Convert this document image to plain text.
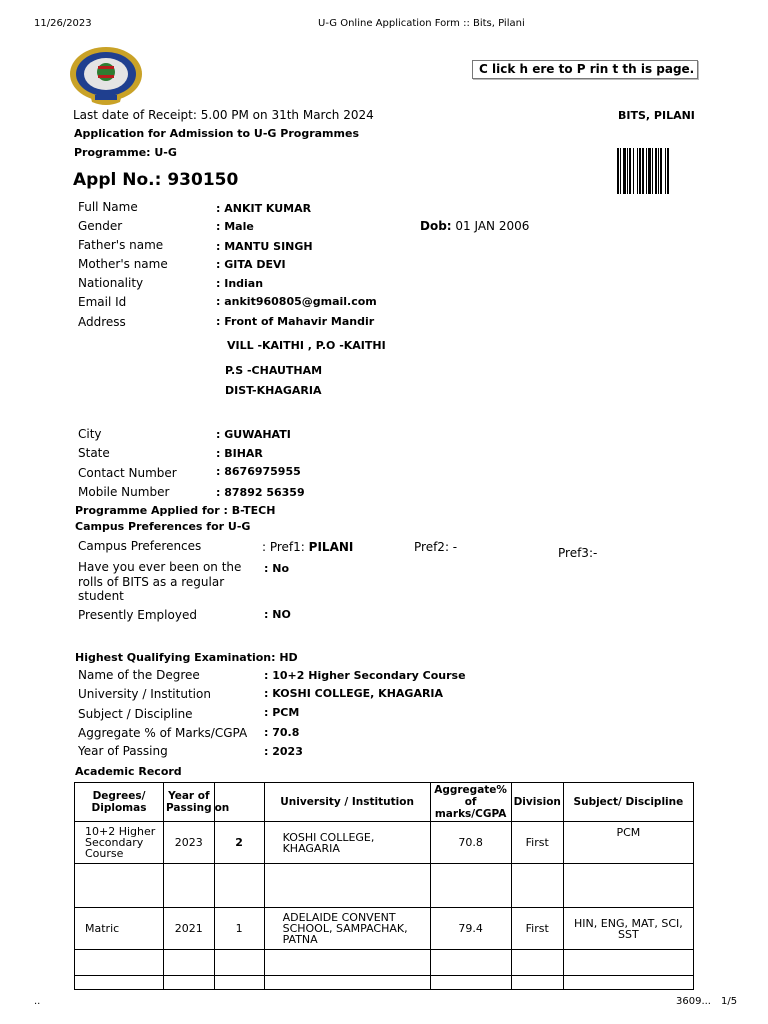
11/26/2023	U-G Online Application Form :: Bits, Pilani
C lick h ere to P rin t th is page.
Last date of Receipt: 5.00 PM on 31th March 2024	BITS, PILANI
Application for Admission to U-G Programmes
Programme: U-G
Appl No.: 930150
Full Name	: ANKIT KUMAR
Gender	: Male	Dob: 01 JAN 2006
Father's name	: MANTU SINGH
Mother's name	: GITA DEVI
Nationality	: Indian
Email Id	: ankit960805@gmail.com
Address	: Front of Mahavir Mandir
VILL -KAITHI , P.O -KAITHI
P.S -CHAUTHAM
DIST-KHAGARIA
City	: GUWAHATI
State	: BIHAR
Contact Number	: 8676975955
Mobile Number	: 87892 56359
Programme Applied for : B-TECH
Campus Preferences for U-G
Campus Preferences	: Pref1: PILANI	Pref2: -	Pref3:-
Have you ever been on the
rolls of BITS as a regular
student
: No
Presently Employed	: NO
Highest Qualifying Examination: HD
Name of the Degree	: 10+2 Higher Secondary Course
University / Institution	: KOSHI COLLEGE, KHAGARIA
Subject / Discipline	: PCM
Aggregate % of Marks/CGPA : 70.8
Year of Passing	: 2023
Academic Record
Degrees/ Diplomas	Year of Passing	on	University / Institution	Aggregate% of marks/CGPA	Division	Subject/ Discipline
10+2 Higher Secondary Course	2023	2	KOSHI COLLEGE, KHAGARIA	70.8	First	PCM

Matric	2021	1	ADELAIDE CONVENT SCHOOL, SAMPACHAK, PATNA	79.4	First	HIN, ENG, MAT, SCI, SST

..	3609... 1/5
